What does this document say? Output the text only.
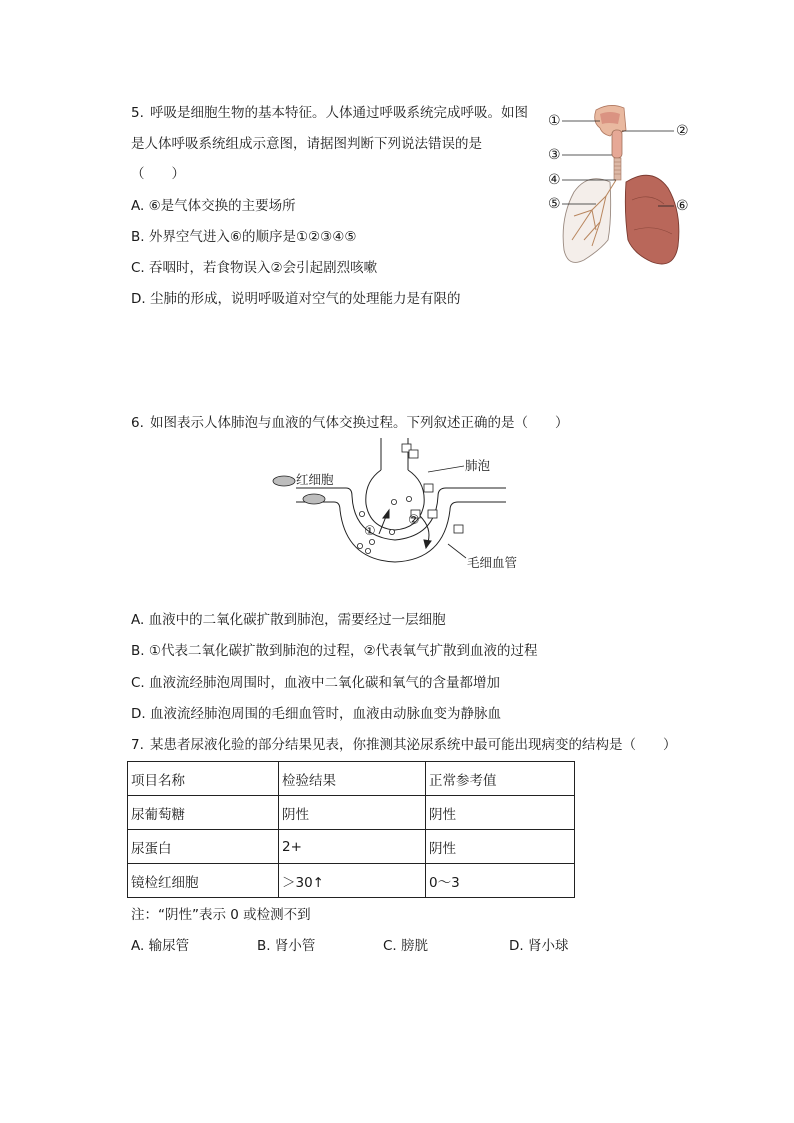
5. 呼吸是细胞生物的基本特征。人体通过呼吸系统完成呼吸。如图
是人体呼吸系统组成示意图，请据图判断下列说法错误的是
（　　）
A. ⑥是气体交换的主要场所
B. 外界空气进入⑥的顺序是①②③④⑤
C. 吞咽时，若食物误入②会引起剧烈咳嗽
D. 尘肺的形成，说明呼吸道对空气的处理能力是有限的
①
②
③
④
⑤	⑥
6. 如图表示人体肺泡与血液的气体交换过程。下列叙述正确的是（　　）
红细胞
肺泡
毛细血管
①
②
A. 血液中的二氧化碳扩散到肺泡，需要经过一层细胞
B. ①代表二氧化碳扩散到肺泡的过程，②代表氧气扩散到血液的过程
C. 血液流经肺泡周围时，血液中二氧化碳和氧气的含量都增加
D. 血液流经肺泡周围的毛细血管时，血液由动脉血变为静脉血
7. 某患者尿液化验的部分结果见表，你推测其泌尿系统中最可能出现病变的结构是（　　）
项目名称	检验结果	正常参考值
尿葡萄糖	阴性	阴性
尿蛋白	2+	阴性
镜检红细胞	＞30↑	0～3
注：“阴性”表示 0 或检测不到
A. 输尿管	B. 肾小管	C. 膀胱	D. 肾小球
